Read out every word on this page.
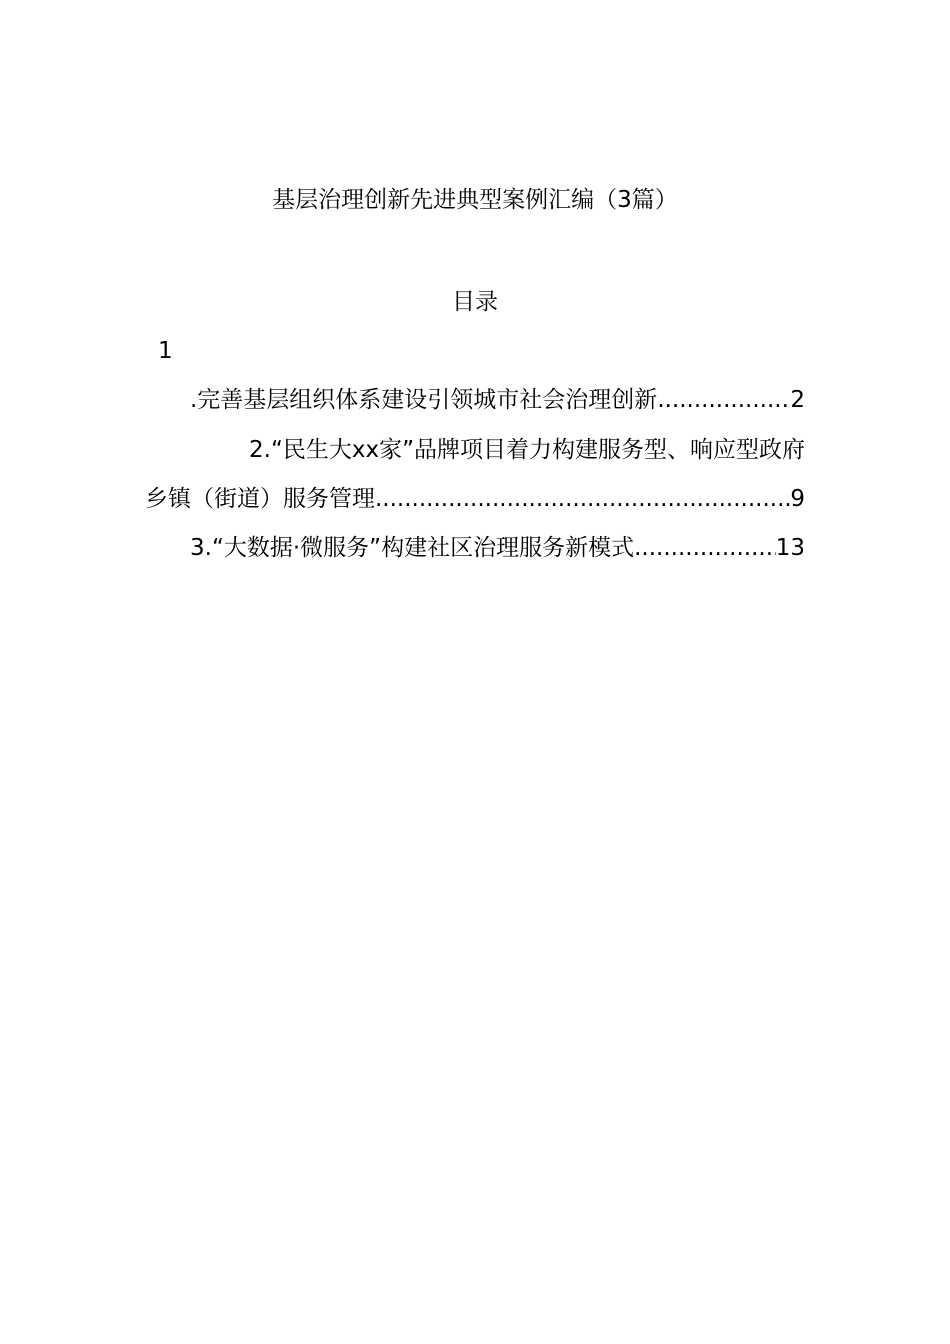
基层治理创新先进典型案例汇编（3篇）
目录
1
.完善基层组织体系建设引领城市社会治理创新 .....	2
2.“民生大xx家”品牌项目着力构建服务型、响应型政府
乡镇（街道）服务管理 .....	9
3.“大数据·微服务”构建社区治理服务新模式 .....	13
